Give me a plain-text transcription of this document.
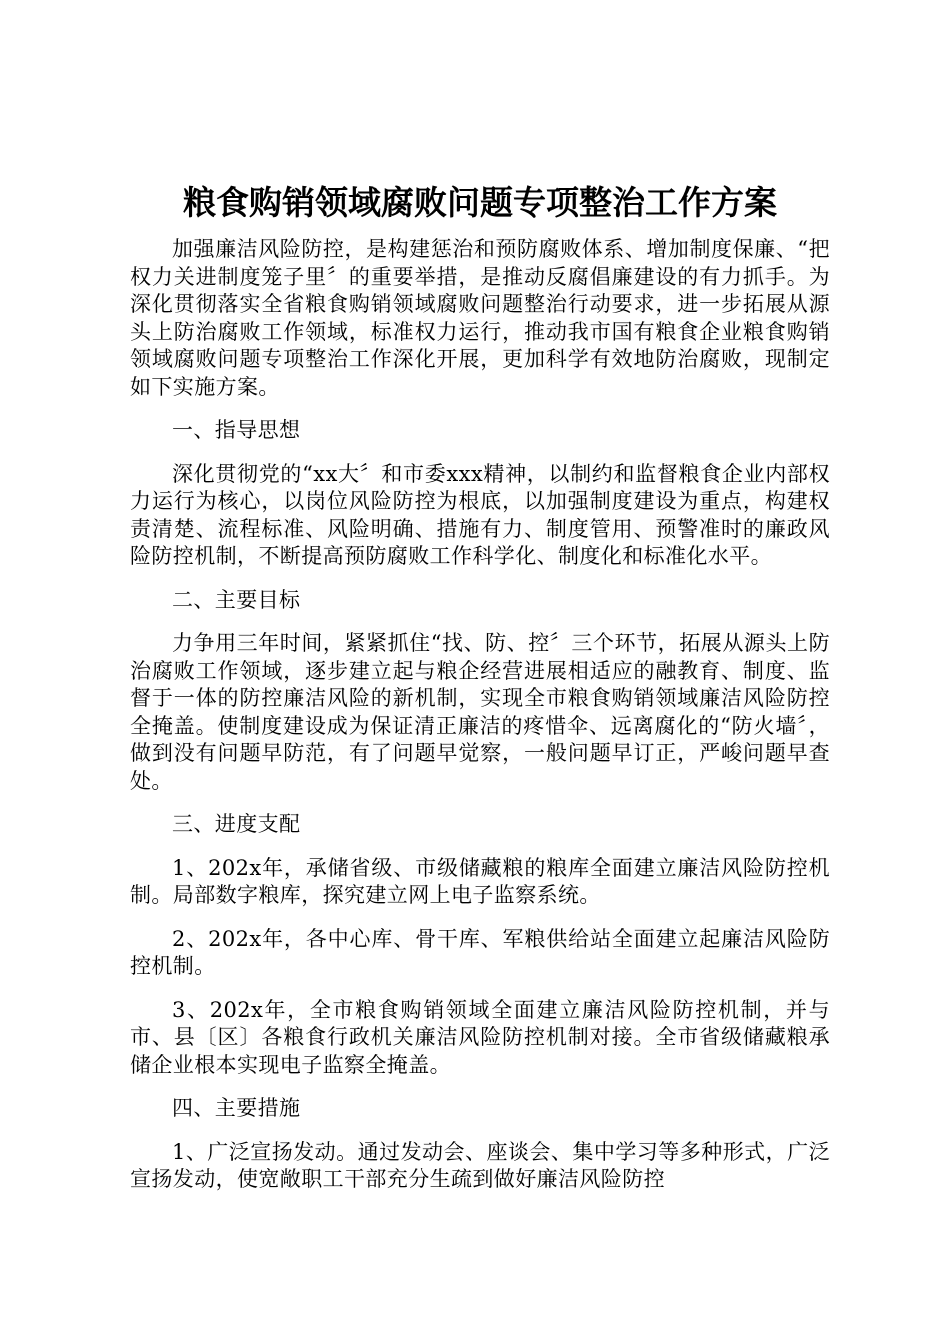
粮食购销领域腐败问题专项整治工作方案

加强廉洁风险防控，是构建惩治和预防腐败体系、增加制度保廉、“把权力关进制度笼子里〞的重要举措，是推动反腐倡廉建设的有力抓手。为深化贯彻落实全省粮食购销领域腐败问题整治行动要求，进一步拓展从源头上防治腐败工作领域，标准权力运行，推动我市国有粮食企业粮食购销领域腐败问题专项整治工作深化开展，更加科学有效地防治腐败，现制定如下实施方案。

一、指导思想

深化贯彻党的“xx大〞和市委xxx精神，以制约和监督粮食企业内部权力运行为核心，以岗位风险防控为根底，以加强制度建设为重点，构建权责清楚、流程标准、风险明确、措施有力、制度管用、预警准时的廉政风险防控机制，不断提高预防腐败工作科学化、制度化和标准化水平。

二、主要目标

力争用三年时间，紧紧抓住“找、防、控〞三个环节，拓展从源头上防治腐败工作领域，逐步建立起与粮企经营进展相适应的融教育、制度、监督于一体的防控廉洁风险的新机制，实现全市粮食购销领域廉洁风险防控全掩盖。使制度建设成为保证清正廉洁的疼惜伞、远离腐化的“防火墙〞，做到没有问题早防范，有了问题早觉察，一般问题早订正，严峻问题早查处。

三、进度支配

1、202x年，承储省级、市级储藏粮的粮库全面建立廉洁风险防控机制。局部数字粮库，探究建立网上电子监察系统。

2、202x年，各中心库、骨干库、军粮供给站全面建立起廉洁风险防控机制。

3、202x年，全市粮食购销领域全面建立廉洁风险防控机制，并与市、县〔区〕各粮食行政机关廉洁风险防控机制对接。全市省级储藏粮承储企业根本实现电子监察全掩盖。

四、主要措施

1、广泛宣扬发动。通过发动会、座谈会、集中学习等多种形式，广泛宣扬发动，使宽敞职工干部充分生疏到做好廉洁风险防控
